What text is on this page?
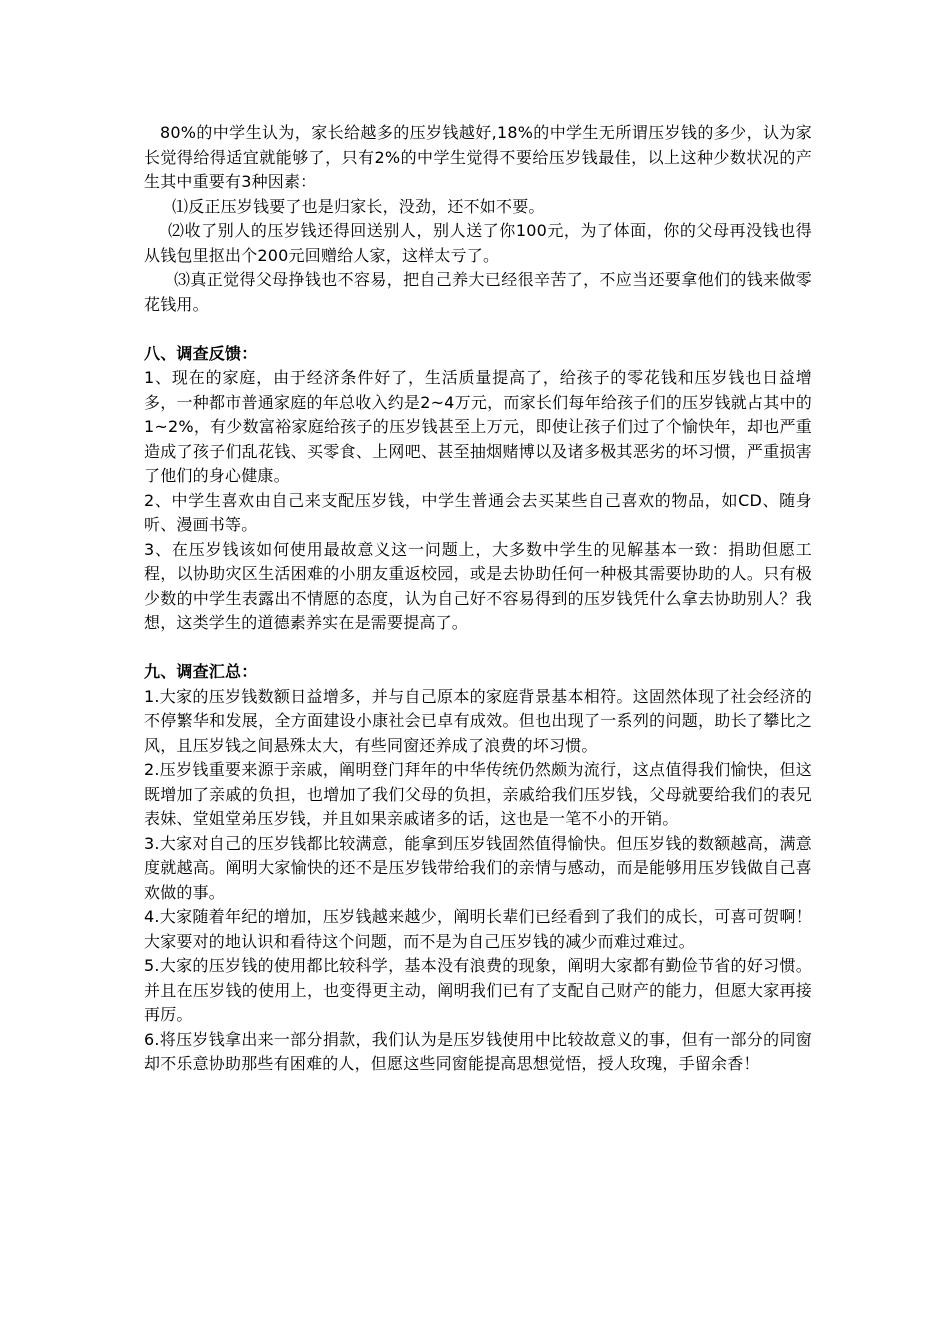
80%的中学生认为，家长给越多的压岁钱越好,18%的中学生无所谓压岁钱的多少，认为家长觉得给得适宜就能够了，只有2%的中学生觉得不要给压岁钱最佳，以上这种少数状况的产生其中重要有3种因素：

⑴反正压岁钱要了也是归家长，没劲，还不如不要。

⑵收了别人的压岁钱还得回送别人，别人送了你100元，为了体面，你的父母再没钱也得从钱包里抠出个200元回赠给人家，这样太亏了。

⑶真正觉得父母挣钱也不容易，把自己养大已经很辛苦了，不应当还要拿他们的钱来做零花钱用。

八、调查反馈：

1、现在的家庭，由于经济条件好了，生活质量提高了，给孩子的零花钱和压岁钱也日益增多，一种都市普通家庭的年总收入约是2~4万元，而家长们每年给孩子们的压岁钱就占其中的1~2%，有少数富裕家庭给孩子的压岁钱甚至上万元，即使让孩子们过了个愉快年，却也严重造成了孩子们乱花钱、买零食、上网吧、甚至抽烟赌博以及诸多极其恶劣的坏习惯，严重损害了他们的身心健康。

2、中学生喜欢由自己来支配压岁钱，中学生普通会去买某些自己喜欢的物品，如CD、随身听、漫画书等。

3、在压岁钱该如何使用最故意义这一问题上，大多数中学生的见解基本一致：捐助但愿工程，以协助灾区生活困难的小朋友重返校园，或是去协助任何一种极其需要协助的人。只有极少数的中学生表露出不情愿的态度，认为自己好不容易得到的压岁钱凭什么拿去协助别人？我想，这类学生的道德素养实在是需要提高了。

九、调查汇总：

1.大家的压岁钱数额日益增多，并与自己原本的家庭背景基本相符。这固然体现了社会经济的不停繁华和发展，全方面建设小康社会已卓有成效。但也出现了一系列的问题，助长了攀比之风，且压岁钱之间悬殊太大，有些同窗还养成了浪费的坏习惯。

2.压岁钱重要来源于亲戚，阐明登门拜年的中华传统仍然颇为流行，这点值得我们愉快，但这既增加了亲戚的负担，也增加了我们父母的负担，亲戚给我们压岁钱，父母就要给我们的表兄表妹、堂姐堂弟压岁钱，并且如果亲戚诸多的话，这也是一笔不小的开销。

3.大家对自己的压岁钱都比较满意，能拿到压岁钱固然值得愉快。但压岁钱的数额越高，满意度就越高。阐明大家愉快的还不是压岁钱带给我们的亲情与感动，而是能够用压岁钱做自己喜欢做的事。

4.大家随着年纪的增加，压岁钱越来越少，阐明长辈们已经看到了我们的成长，可喜可贺啊！大家要对的地认识和看待这个问题，而不是为自己压岁钱的减少而难过难过。

5.大家的压岁钱的使用都比较科学，基本没有浪费的现象，阐明大家都有勤俭节省的好习惯。并且在压岁钱的使用上，也变得更主动，阐明我们已有了支配自己财产的能力，但愿大家再接再厉。

6.将压岁钱拿出来一部分捐款，我们认为是压岁钱使用中比较故意义的事，但有一部分的同窗却不乐意协助那些有困难的人，但愿这些同窗能提高思想觉悟，授人玫瑰，手留余香！
